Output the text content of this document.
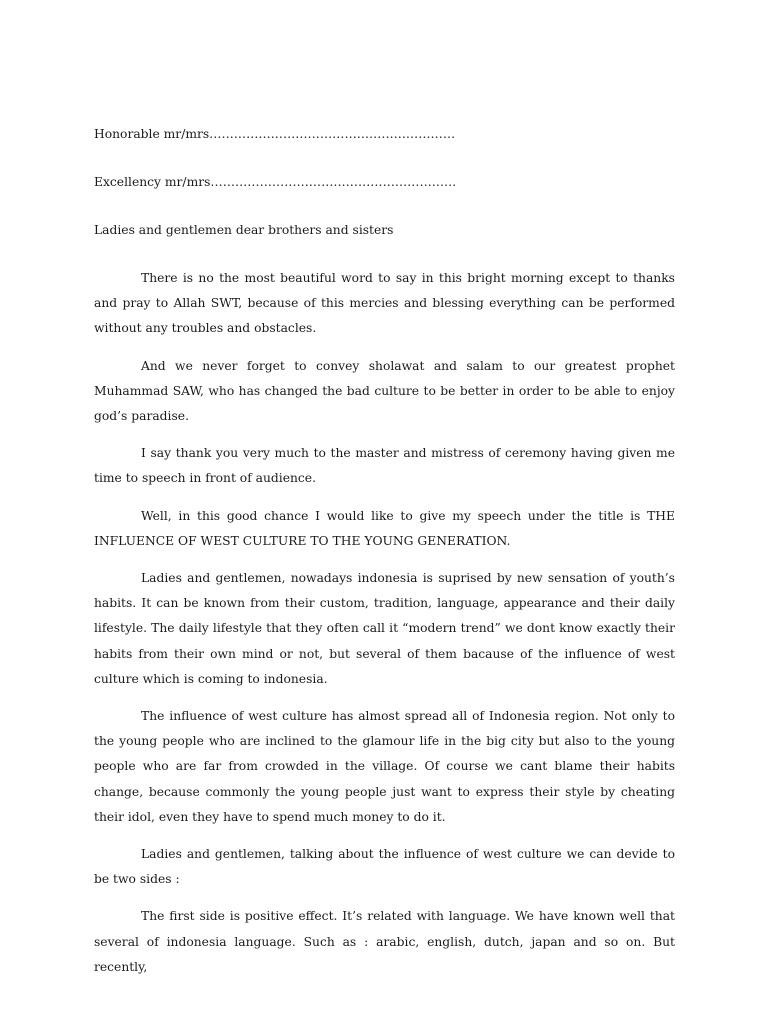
Honorable mr/mrs……………………………………………………

Excellency mr/mrs……………………………………………………

Ladies and gentlemen dear brothers and sisters

There is no the most beautiful word to say in this bright morning except to thanks and pray to Allah SWT, because of this mercies and blessing everything can be performed without any troubles and obstacles.

And we never forget to convey sholawat and salam to our greatest prophet Muhammad SAW, who has changed the bad culture to be better in order to be able to enjoy god’s paradise.

I say thank you very much to the master and mistress of ceremony having given me time to speech in front of audience.

Well, in this good chance I would like to give my speech under the title is THE INFLUENCE OF WEST CULTURE TO THE YOUNG GENERATION.

Ladies and gentlemen, nowadays indonesia is suprised by new sensation of youth’s habits. It can be known from their custom, tradition, language, appearance and their daily lifestyle. The daily lifestyle that they often call it “modern trend” we dont know exactly their habits from their own mind or not, but several of them bacause of the influence of west culture which is coming to indonesia.

The influence of west culture has almost spread all of Indonesia region. Not only to the young people who are inclined to the glamour life in the big city but also to the young people who are far from crowded in the village. Of course we cant blame their habits change, because commonly the young people just want to express their style by cheating their idol, even they have to spend much money to do it.

Ladies and gentlemen, talking about the influence of west culture we can devide to be two sides :

The first side is positive effect. It’s related with language. We have known well that several of indonesia language. Such as : arabic, english, dutch, japan and so on. But recently,
